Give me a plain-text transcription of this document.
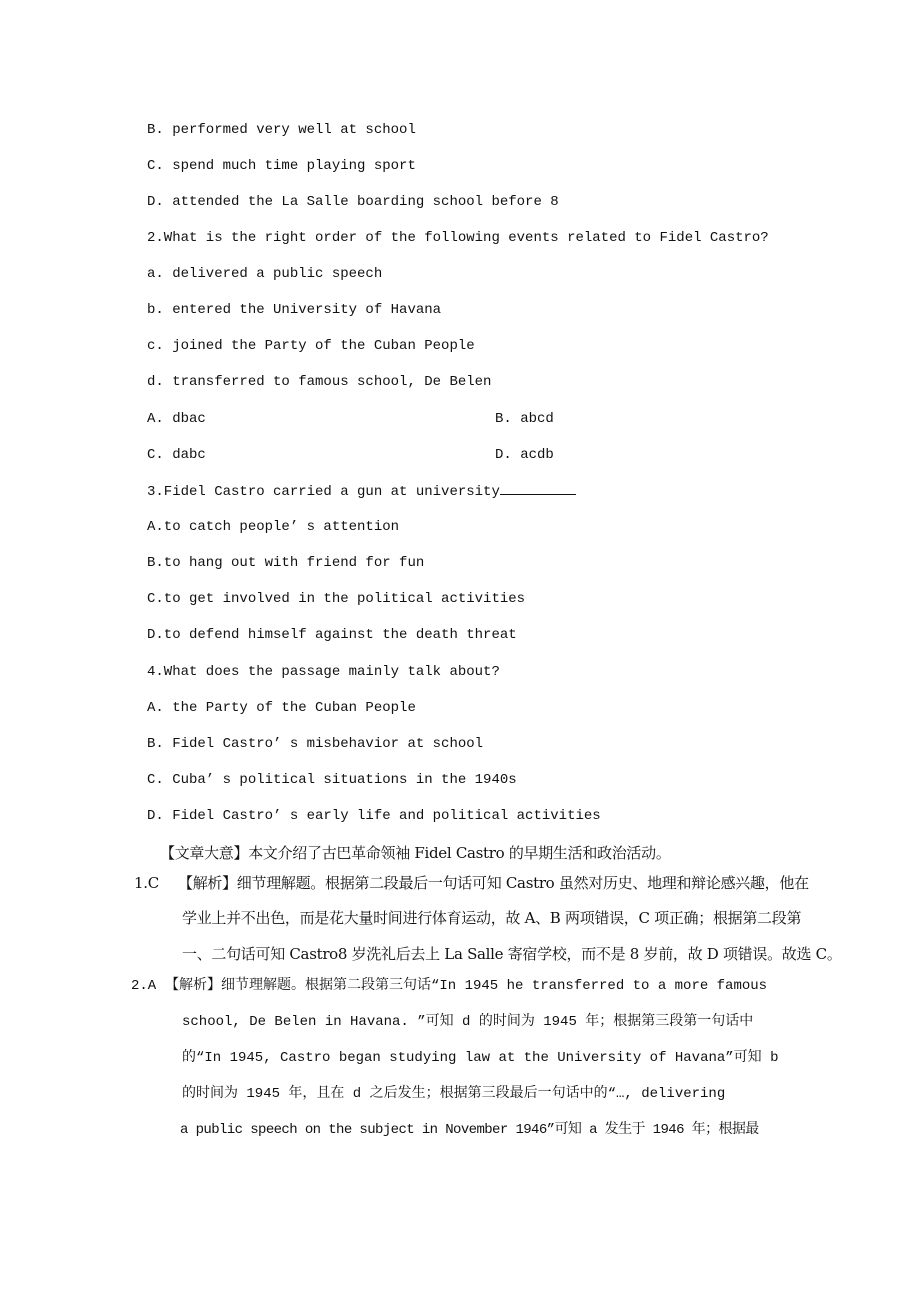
B. performed very well at school
C. spend much time playing sport
D. attended the La Salle boarding school before 8
2.What is the right order of the following events related to Fidel Castro?
a. delivered a public speech
b. entered the University of Havana
c. joined the Party of the Cuban People
d. transferred to famous school, De Belen
A. dbac	B. abcd
C. dabc	D. acdb
3.Fidel Castro carried a gun at university
A.to catch people’ s attention
B.to hang out with friend for fun
C.to get involved in the political activities
D.to defend himself against the death threat
4.What does the passage mainly talk about?
A. the Party of the Cuban People
B. Fidel Castro’ s misbehavior at school
C. Cuba’ s political situations in the 1940s
D. Fidel Castro’ s early life and political activities
【文章大意】本文介绍了古巴革命领袖 Fidel Castro 的早期生活和政治活动。
1.C 【解析】细节理解题。根据第二段最后一句话可知 Castro 虽然对历史、地理和辩论感兴趣，他在
学业上并不出色，而是花大量时间进行体育运动，故 A、B 两项错误，C 项正确；根据第二段第
一、二句话可知 Castro8 岁洗礼后去上 La Salle 寄宿学校，而不是 8 岁前，故 D 项错误。故选 C。
2.A 【解析】细节理解题。根据第二段第三句话“In 1945 he transferred to a more famous
school, De Belen in Havana. ”可知 d 的时间为 1945 年；根据第三段第一句话中
的“In 1945, Castro began studying law at the University of Havana”可知 b
的时间为 1945 年，且在 d 之后发生；根据第三段最后一句话中的“…, delivering
a public speech on the subject in November 1946”可知 a 发生于 1946 年；根据最
